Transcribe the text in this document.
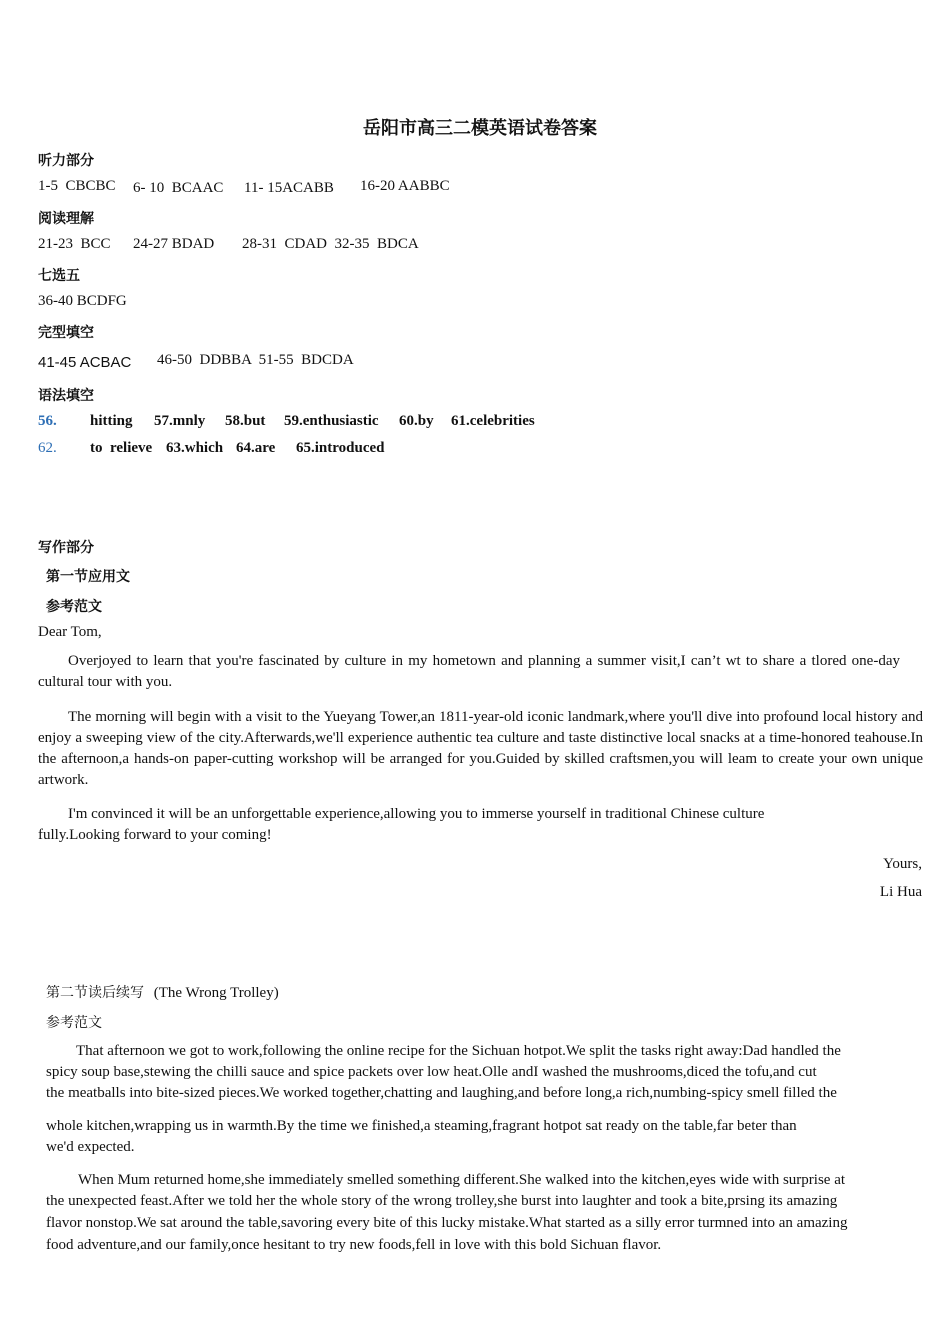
岳阳市高三二模英语试卷答案
听力部分

1-5  CBCBC

6- 10  BCAAC

11- 15ACABB

16-20 AABBC

阅读理解

21-23  BCC

24-27 BDAD

28-31  CDAD  32-35  BDCA

七选五
36-40 BCDFG
完型填空

41-45 ACBAC

46-50  DDBBA  51-55  BDCDA

语法填空

56.

hitting

57.mnly

58.but

59.enthusiastic

60.by

61.celebrities

62.

to  relieve

63.which

64.are

65.introduced

写作部分
第一节应用文
参考范文
Dear Tom,
Overjoyed to learn that you're fascinated by culture in my hometown and planning a summer visit,I can’t wt to share a tlored one-day cultural tour with you.
The morning will begin with a visit to the Yueyang Tower,an 1811-year-old iconic landmark,where you'll dive into profound local history and enjoy a sweeping view of the city.Afterwards,we'll experience authentic tea culture and taste distinctive local snacks at a time-honored teahouse.In the afternoon,a hands-on paper-cutting workshop will be arranged for you.Guided by skilled craftsmen,you will leam to create your own unique artwork.
I'm convinced it will be an unforgettable experience,allowing you to immerse yourself in traditional Chinese culture fully.Looking forward to your coming!
Yours,
Li Hua
第二节读后续写 (The Wrong Trolley)
参考范文
That afternoon we got to work,following the online recipe for the Sichuan hotpot.We split the tasks right away:Dad handled the
spicy soup base,stewing the chilli sauce and spice packets over low heat.Olle andI washed the mushrooms,diced the tofu,and cut
the meatballs into bite-sized pieces.We worked together,chatting and laughing,and before long,a rich,numbing-spicy smell filled the
whole kitchen,wrapping us in warmth.By the time we finished,a steaming,fragrant hotpot sat ready on the table,far beter than
we'd expected.
When Mum returned home,she immediately smelled something different.She walked into the kitchen,eyes wide with surprise at
the unexpected feast.After we told her the whole story of the wrong trolley,she burst into laughter and took a bite,prsing its amazing
flavor nonstop.We sat around the table,savoring every bite of this lucky mistake.What started as a silly error turmned into an amazing
food adventure,and our family,once hesitant to try new foods,fell in love with this bold Sichuan flavor.
